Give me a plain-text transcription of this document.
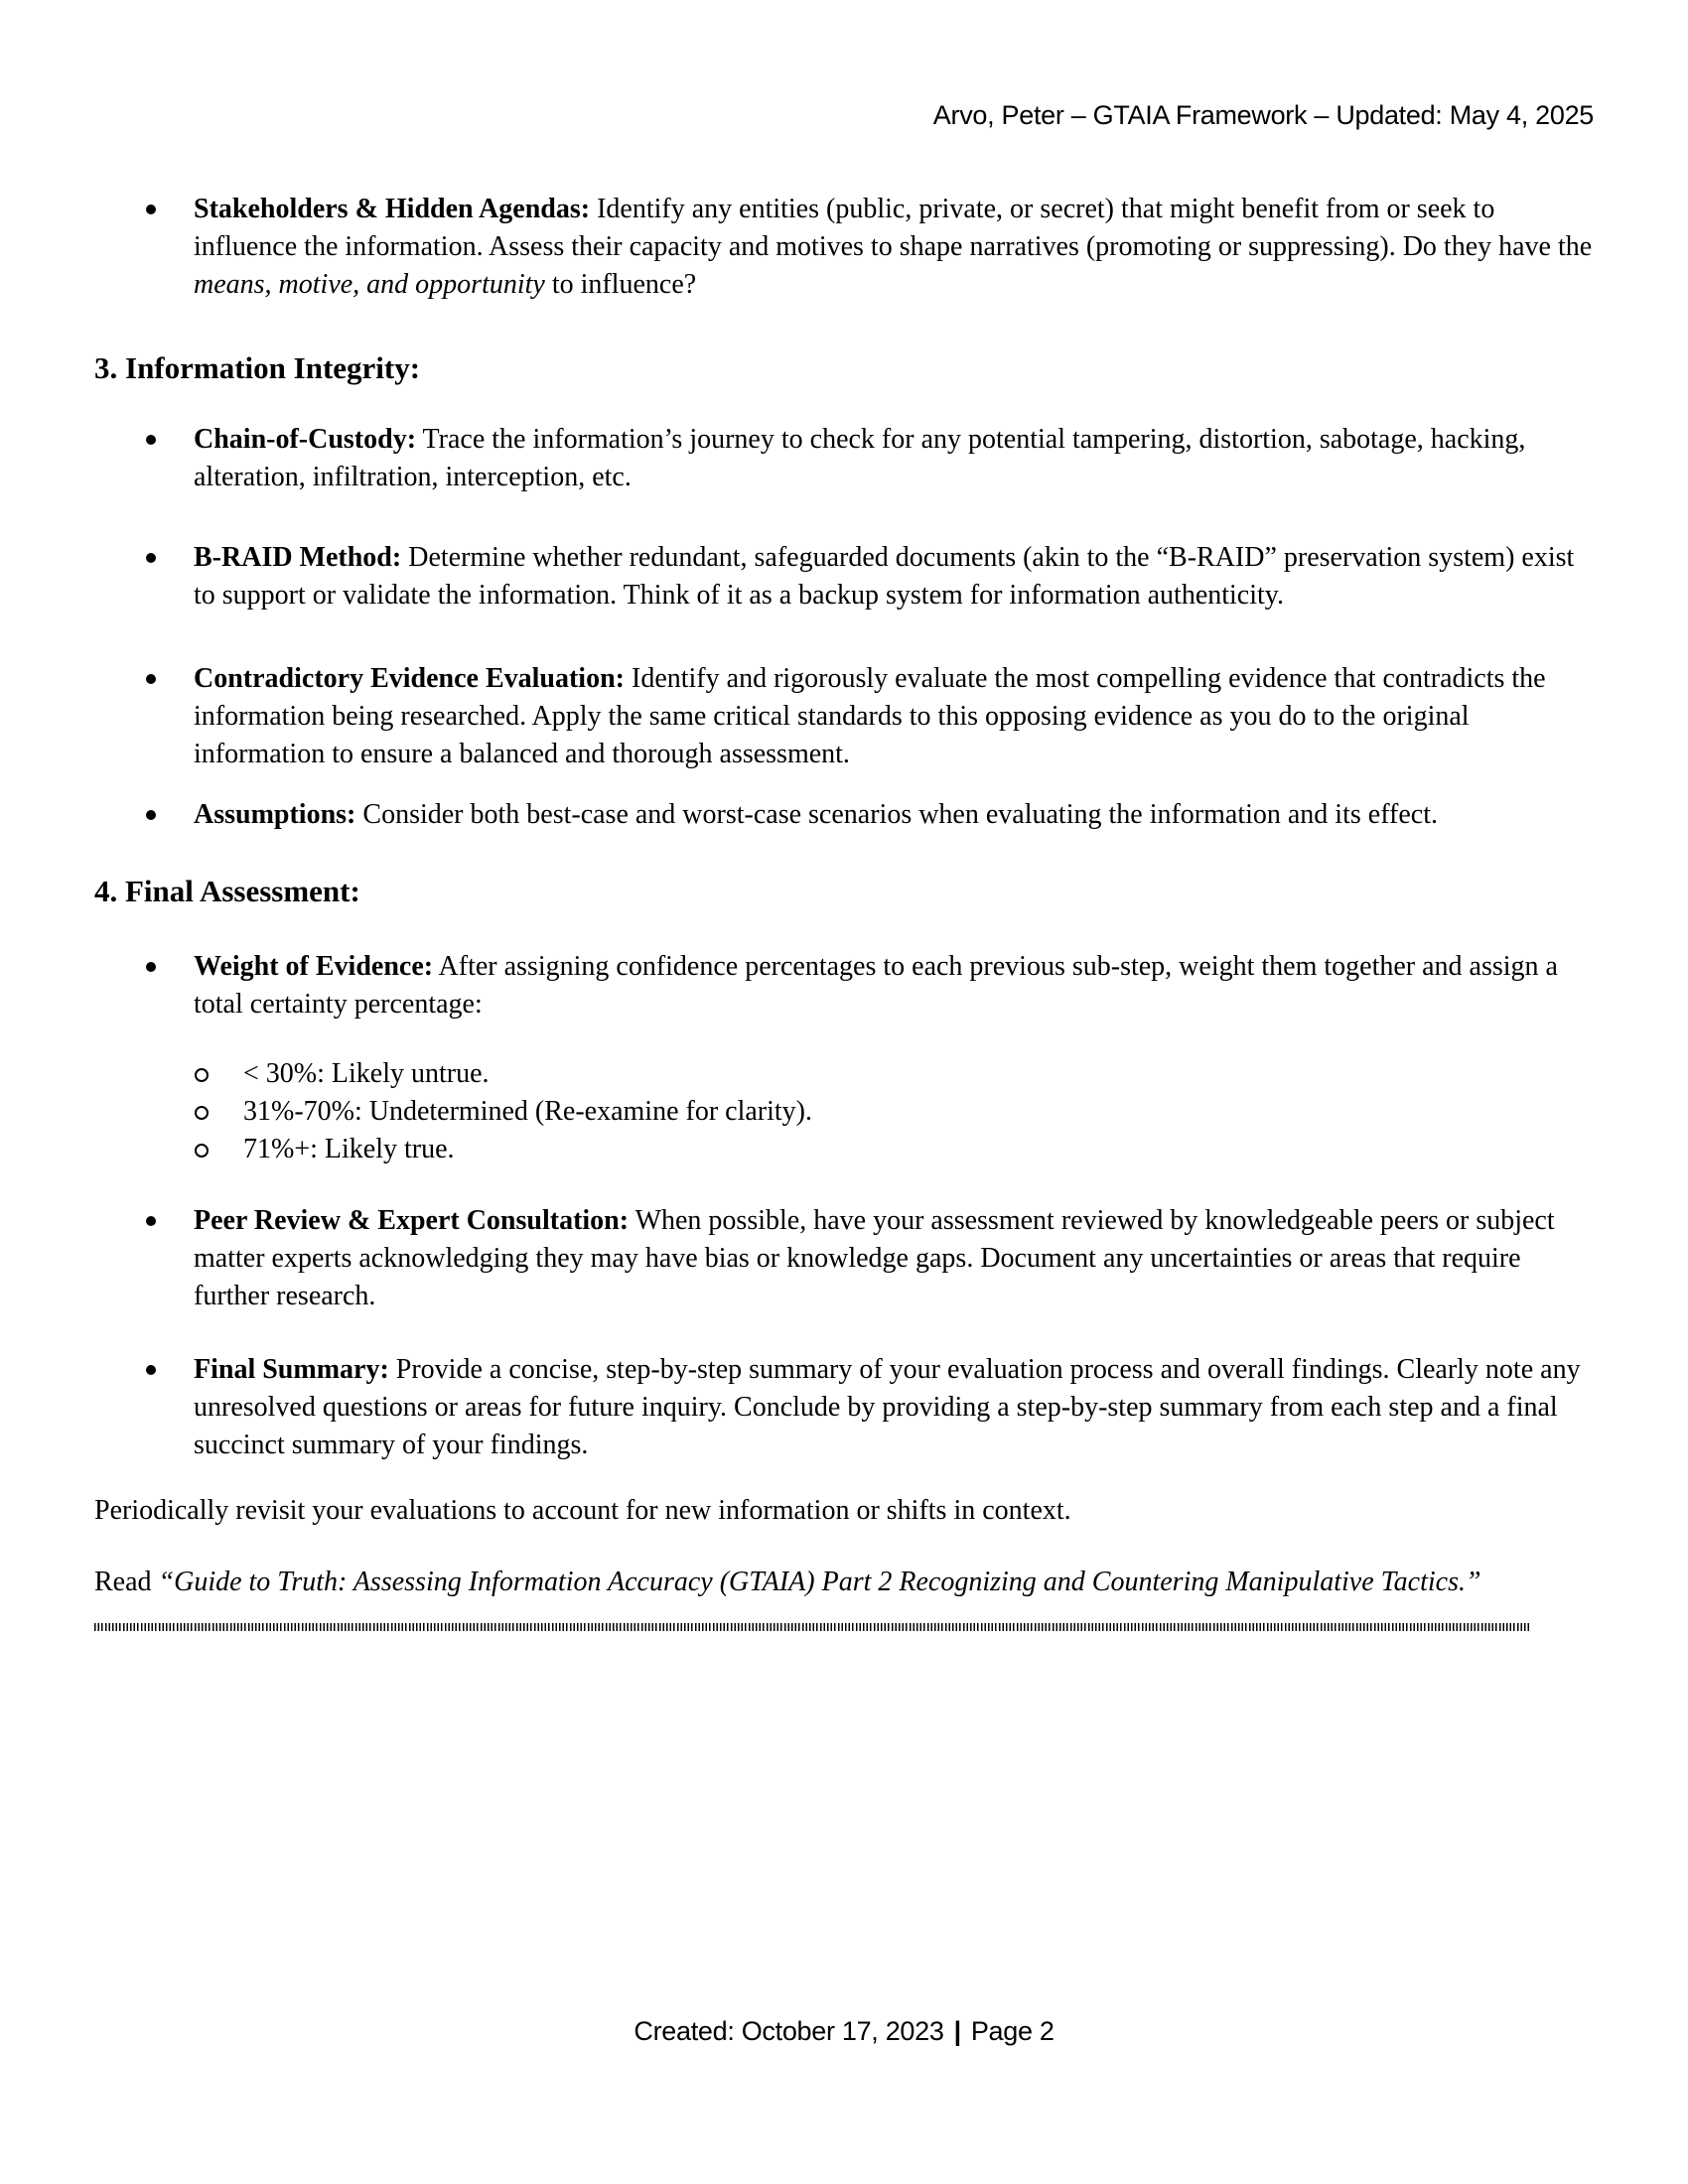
Arvo, Peter – GTAIA Framework – Updated: May 4, 2025
Stakeholders & Hidden Agendas: Identify any entities (public, private, or secret) that might benefit from or seek to influence the information. Assess their capacity and motives to shape narratives (promoting or suppressing). Do they have the means, motive, and opportunity to influence?
3. Information Integrity:
Chain-of-Custody: Trace the information’s journey to check for any potential tampering, distortion, sabotage, hacking, alteration, infiltration, interception, etc.
B-RAID Method: Determine whether redundant, safeguarded documents (akin to the “B-RAID” preservation system) exist to support or validate the information. Think of it as a backup system for information authenticity.
Contradictory Evidence Evaluation: Identify and rigorously evaluate the most compelling evidence that contradicts the information being researched. Apply the same critical standards to this opposing evidence as you do to the original information to ensure a balanced and thorough assessment.
Assumptions: Consider both best-case and worst-case scenarios when evaluating the information and its effect.
4. Final Assessment:
Weight of Evidence: After assigning confidence percentages to each previous sub-step, weight them together and assign a total certainty percentage:
< 30%: Likely untrue.
31%-70%: Undetermined (Re-examine for clarity).
71%+: Likely true.
Peer Review & Expert Consultation: When possible, have your assessment reviewed by knowledgeable peers or subject matter experts acknowledging they may have bias or knowledge gaps. Document any uncertainties or areas that require further research.
Final Summary: Provide a concise, step-by-step summary of your evaluation process and overall findings. Clearly note any unresolved questions or areas for future inquiry. Conclude by providing a step-by-step summary from each step and a final succinct summary of your findings.
Periodically revisit your evaluations to account for new information or shifts in context.
Read “Guide to Truth: Assessing Information Accuracy (GTAIA) Part 2 Recognizing and Countering Manipulative Tactics.”
Created: October 17, 2023 | Page 2
